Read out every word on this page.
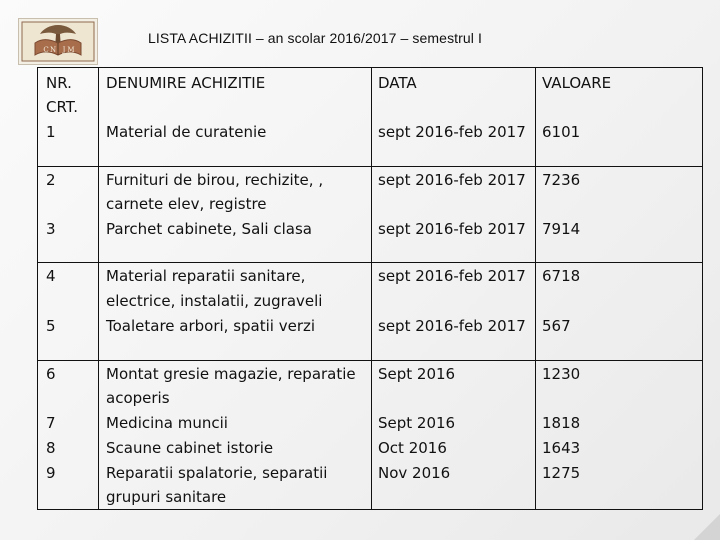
C N J M
LISTA ACHIZITII – an scolar 2016/2017 – semestrul I
NR.
CRT.
DENUMIRE ACHIZITIE	DATA	VALOARE
1	Material de curatenie	sept 2016-feb 2017 6101
2	Furnituri de birou, rechizite, ,
carnete elev, registre
sept 2016-feb 2017 7236
3	Parchet cabinete, Sali clasa	sept 2016-feb 2017 7914
4	Material reparatii sanitare,
electrice, instalatii, zugraveli
sept 2016-feb 2017 6718
5	Toaletare arbori, spatii verzi	sept 2016-feb 2017 567
6	Montat gresie magazie, reparatie
acoperis
Sept 2016	1230
7	Medicina muncii	Sept 2016	1818
8	Scaune cabinet istorie	Oct 2016	1643
9	Reparatii spalatorie, separatii
grupuri sanitare
Nov 2016	1275
